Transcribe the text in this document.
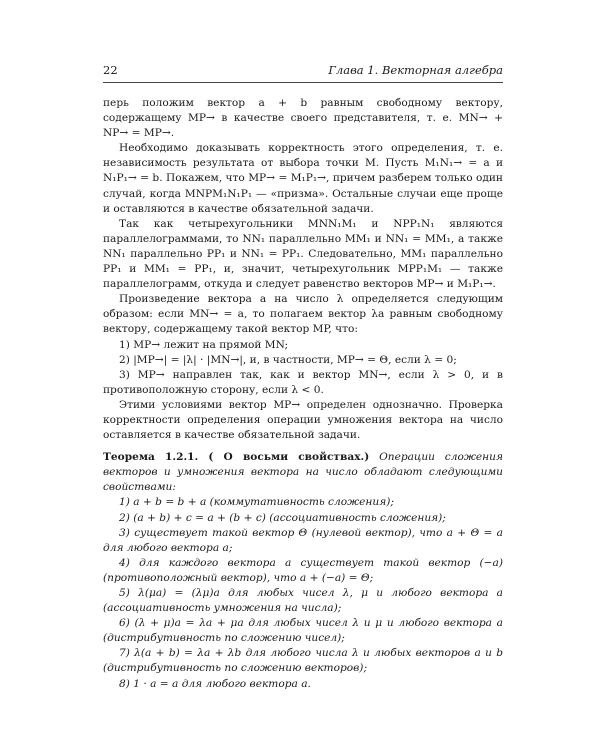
22	Глава 1. Векторная алгебра

перь положим вектор a + b равным свободному вектору, содержащему MP→ в качестве своего представителя, т. е. MN→ + NP→ = MP→.

Необходимо доказывать корректность этого определения, т. е. независимость результата от выбора точки M. Пусть M₁N₁→ = a и N₁P₁→ = b. Покажем, что MP→ = M₁P₁→, причем разберем только один случай, когда MNPM₁N₁P₁ — «призма». Остальные случаи еще проще и оставляются в качестве обязательной задачи.

Так как четырехугольники MNN₁M₁ и NPP₁N₁ являются параллелограммами, то NN₁ параллельно MM₁ и NN₁ = MM₁, а также NN₁ параллельно PP₁ и NN₁ = PP₁. Следовательно, MM₁ параллельно PP₁ и MM₁ = PP₁, и, значит, четырехугольник MPP₁M₁ — также параллелограмм, откуда и следует равенство векторов MP→ и M₁P₁→.

Произведение вектора a на число λ определяется следующим образом: если MN→ = a, то полагаем вектор λa равным свободному вектору, содержащему такой вектор MP, что:

1) MP→ лежит на прямой MN;

2) |MP→| = |λ| · |MN→|, и, в частности, MP→ = Θ, если λ = 0;

3) MP→ направлен так, как и вектор MN→, если λ > 0, и в противоположную сторону, если λ < 0.

Этими условиями вектор MP→ определен однозначно. Проверка корректности определения операции умножения вектора на число оставляется в качестве обязательной задачи.

Теорема 1.2.1. ( О восьми свойствах.) Операции сложения векторов и умножения вектора на число обладают следующими свойствами:

1) a + b = b + a (коммутативность сложения);

2) (a + b) + c = a + (b + c) (ассоциативность сложения);

3) существует такой вектор Θ (нулевой вектор), что a + Θ = a для любого вектора a;

4) для каждого вектора a существует такой вектор (−a) (противоположный вектор), что a + (−a) = Θ;

5) λ(μa) = (λμ)a для любых чисел λ, μ и любого вектора a (ассоциативность умножения на числа);

6) (λ + μ)a = λa + μa для любых чисел λ и μ и любого вектора a (дистрибутивность по сложению чисел);

7) λ(a + b) = λa + λb для любого числа λ и любых векторов a и b (дистрибутивность по сложению векторов);

8) 1 · a = a для любого вектора a.
